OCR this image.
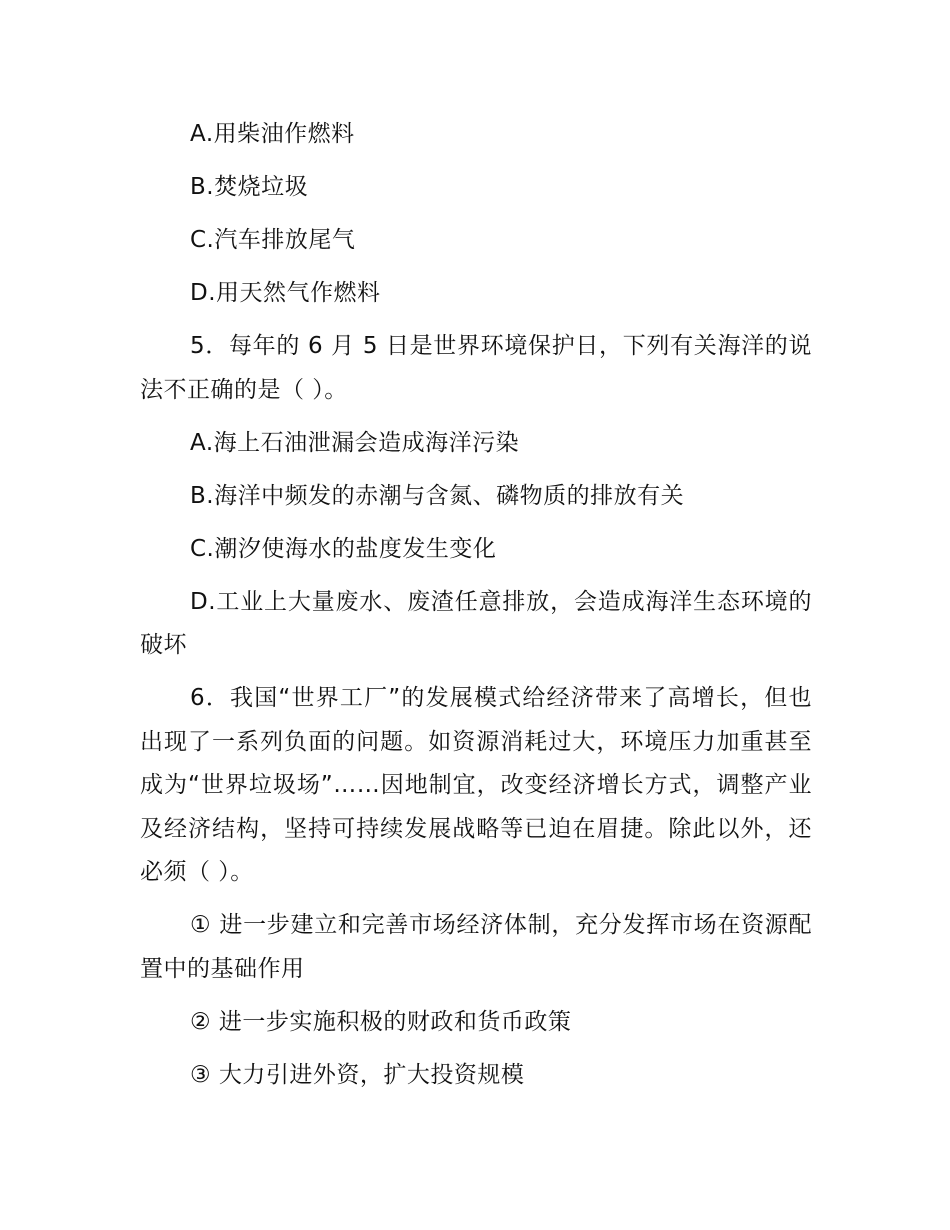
A.用柴油作燃料

B.焚烧垃圾

C.汽车排放尾气

D.用天然气作燃料

5．每年的 6 月 5 日是世界环境保护日，下列有关海洋的说法不正确的是（ ）。

A.海上石油泄漏会造成海洋污染

B.海洋中频发的赤潮与含氮、磷物质的排放有关

C.潮汐使海水的盐度发生变化

D.工业上大量废水、废渣任意排放，会造成海洋生态环境的破坏

6．我国“世界工厂”的发展模式给经济带来了高增长，但也出现了一系列负面的问题。如资源消耗过大，环境压力加重甚至成为“世界垃圾场”……因地制宜，改变经济增长方式，调整产业及经济结构，坚持可持续发展战略等已迫在眉捷。除此以外，还必须（ ）。

① 进一步建立和完善市场经济体制，充分发挥市场在资源配置中的基础作用

② 进一步实施积极的财政和货币政策

③ 大力引进外资，扩大投资规模
